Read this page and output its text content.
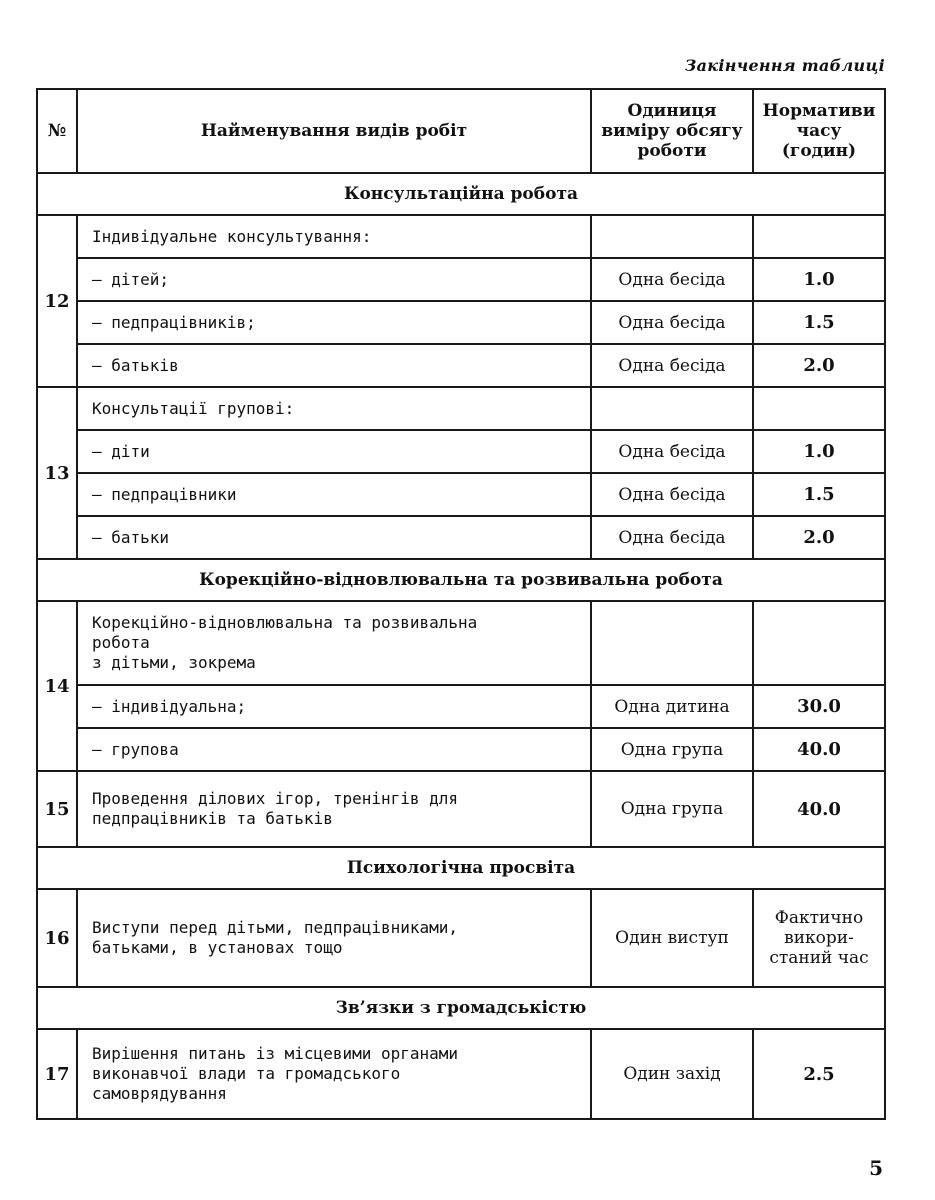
Закінчення таблиці
№	Найменування видів робіт	Одиниця
виміру обсягу
роботи	Нормативи
часу
(годин)

Консультаційна робота			
12	Індивідуальне консультування:		
	— дітей;	Одна бесіда	1.0
	— педпрацівників;	Одна бесіда	1.5
	— батьків	Одна бесіда	2.0
13	Консультації групові:		
	— діти	Одна бесіда	1.0
	— педпрацівники	Одна бесіда	1.5
	— батьки	Одна бесіда	2.0
Корекційно-відновлювальна та розвивальна робота			
14	Корекційно-відновлювальна та розвивальна
робота
з дітьми, зокрема		

	— індивідуальна;	Одна дитина	30.0
	— групова	Одна група	40.0
15	Проведення ділових ігор, тренінгів для
педпрацівників та батьків	Одна група	40.0
Психологічна просвіта			
16	Виступи перед дітьми, педпрацівниками,
батьками, в установах тощо	Один виступ	Фактично
викори-
станий час

Зв’язки з громадськістю			
17	Вирішення питань із місцевими органами
виконавчої влади та громадського
самоврядування	Один захід	2.5
5
